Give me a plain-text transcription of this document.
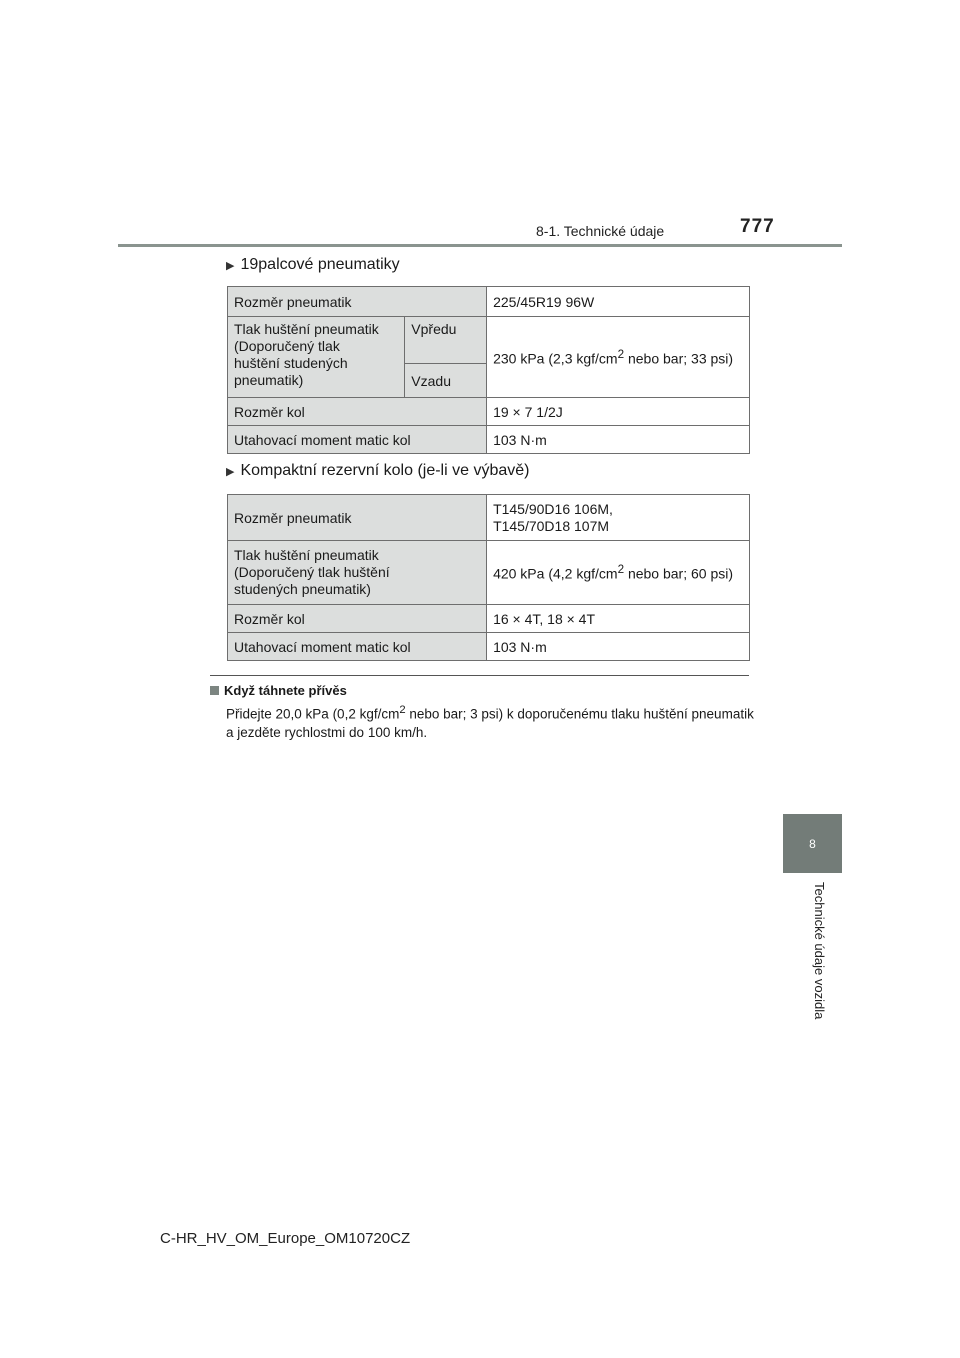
8-1. Technické údaje	777
8
Technické údaje vozidla
▶ 19palcové pneumatiky
Rozměr pneumatik		225/45R19 96W

Tlak huštění pneumatik
(Doporučený tlak
huštění studených
pneumatik)	Vpředu	230 kPa (2,3 kgf/$cm^2$ nebo bar; 33 psi)
	Vzadu	
Rozměr kol		19 × 7 1/2J
Utahovací moment matic kol		103 N·m
▶ Kompaktní rezervní kolo (je-li ve výbavě)
Rozměr pneumatik	T145/90D16 106M,
T145/70D18 107M

Tlak huštění pneumatik
(Doporučený tlak huštění
studených pneumatik)	420 kPa (4,2 kgf/$cm^2$ nebo bar; 60 psi)
Rozměr kol	16 × 4T, 18 × 4T
Utahovací moment matic kol	103 N·m
Když táhnete přívěs
Přidejte 20,0 kPa (0,2 kgf/$cm^2$ nebo bar; 3 psi) k doporučenému tlaku huštění pneumatik a jezděte rychlostmi do 100 km/h.
C-HR_HV_OM_Europe_OM10720CZ
